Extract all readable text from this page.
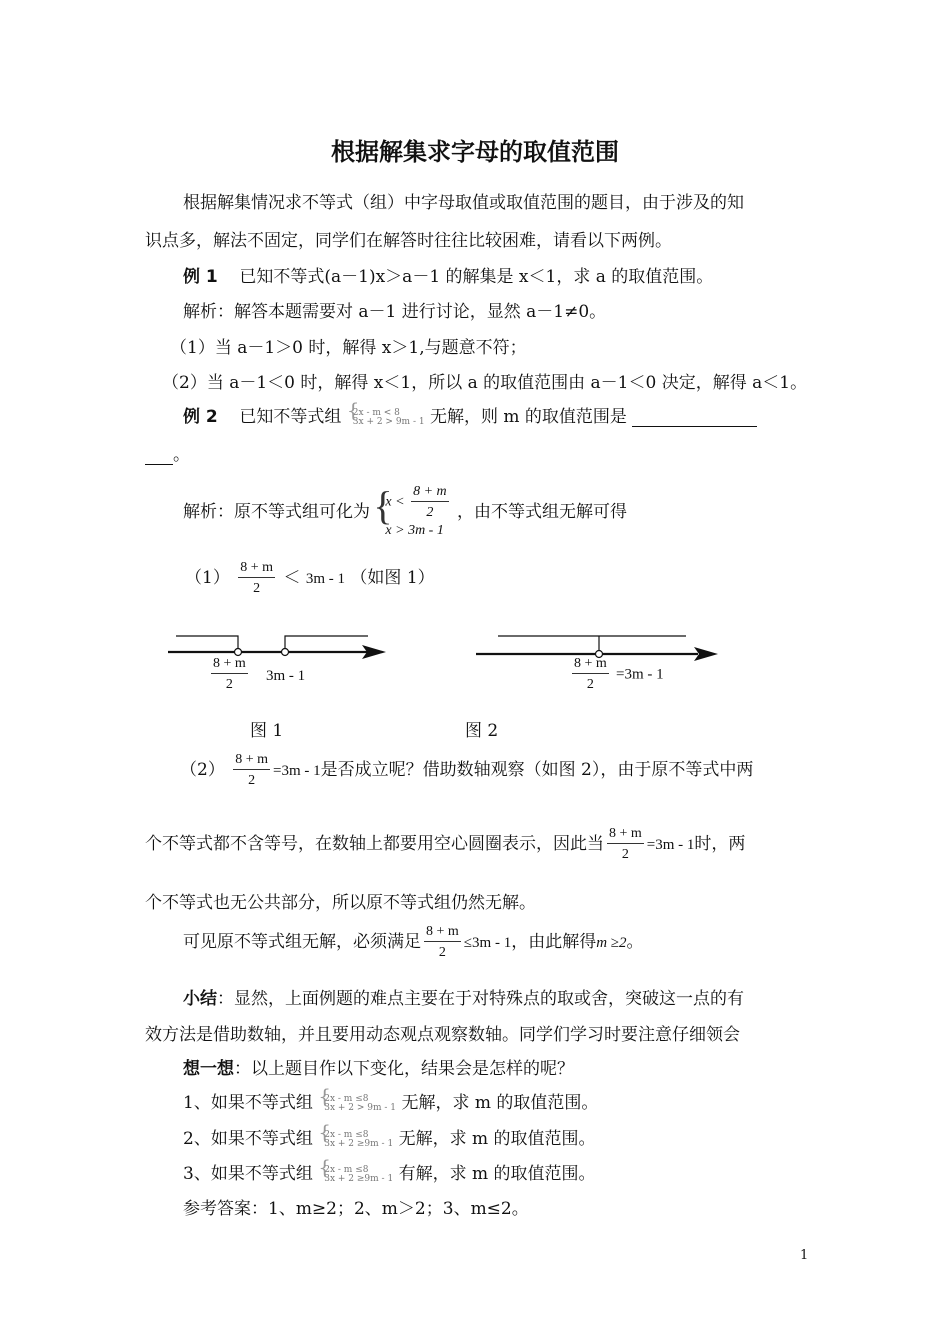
根据解集求字母的取值范围
根据解集情况求不等式（组）中字母取值或取值范围的题目，由于涉及的知
识点多，解法不固定，同学们在解答时往往比较困难，请看以下两例。
例 1 已知不等式(a－1)x＞a－1 的解集是 x＜1，求 a 的取值范围。
解析：解答本题需要对 a－1 进行讨论，显然 a－1≠0。
（1）当 a－1＞0 时，解得 x＞1,与题意不符；
（2）当 a－1＜0 时，解得 x＜1，所以 a 的取值范围由 a－1＜0 决定，解得 a＜1。
例 2 已知不等式组 { 2x - m < 8
3x + 2 > 9m - 1 无解，则 m 的取值范围是
。
解析：原不等式组可化为 { $x < \frac{8 + m}{2}$
x > 3m - 1
，由不等式组无解可得
$(1) \frac{8 + m}{2} < 3m - 1$ （如图 1）
$\frac{8 + m}{2} 3m - 1$	$\frac{8 + m}{2} =3m - 1$
图 1	图 2
$(2) \frac{8 + m}{2} =3m - 1$是否成立呢？借助数轴观察（如图 2），由于原不等式中两
个不等式都不含等号，在数轴上都要用空心圆圈表示，因此当 $\frac{8 + m}{2} =3m - 1$时，两
个不等式也无公共部分，所以原不等式组仍然无解。
可见原不等式组无解，必须满足 $\frac{8 + m}{2} \le 3m - 1$，由此解得m ≥2。
小结：显然，上面例题的难点主要在于对特殊点的取或舍，突破这一点的有
效方法是借助数轴，并且要用动态观点观察数轴。同学们学习时要注意仔细领会
想一想：以上题目作以下变化，结果会是怎样的呢？
1、如果不等式组 { 2x - m ≤8
3x + 2 > 9m - 1 无解，求 m 的取值范围。
2、如果不等式组 { 2x - m ≤8
3x + 2 ≥9m - 1 无解，求 m 的取值范围。
3、如果不等式组 { 2x - m ≤8
3x + 2 ≥9m - 1 有解，求 m 的取值范围。
参考答案：1、m≥2；2、m＞2；3、m≤2。
1
